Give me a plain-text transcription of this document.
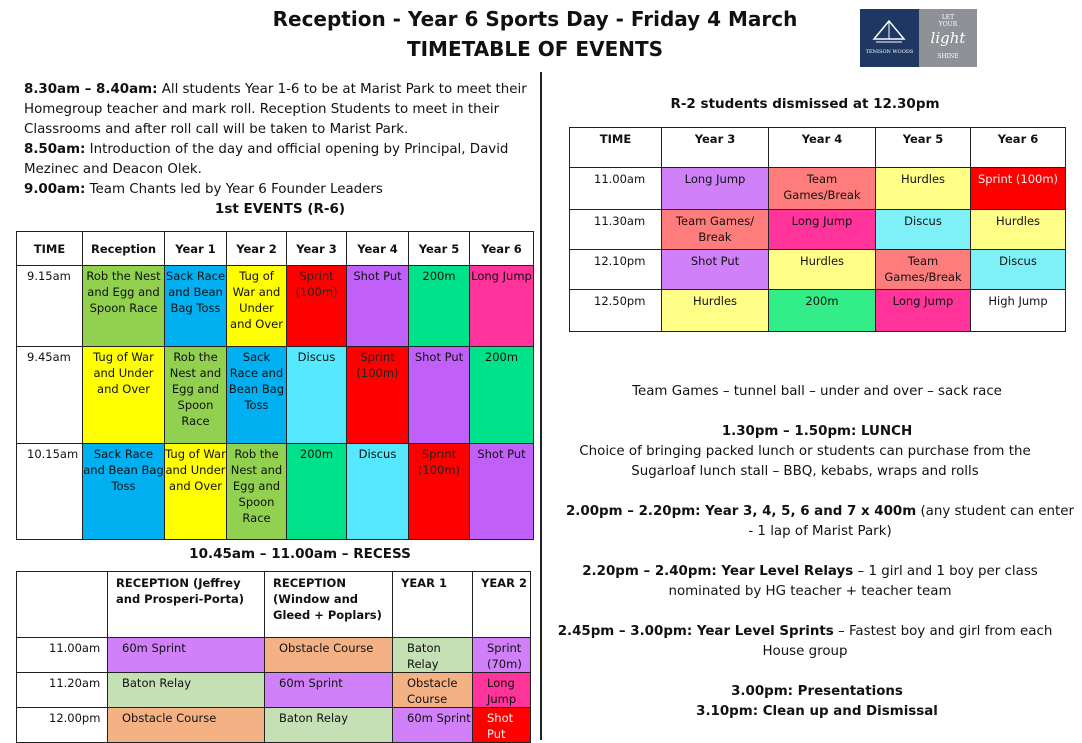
Reception - Year 6 Sports Day - Friday 4 March
TIMETABLE OF EVENTS	TENISON WOODS
LET
YOUR
light
SHINE
8.30am – 8.40am: All students Year 1-6 to be at Marist Park to meet their Homegroup teacher and mark roll. Reception Students to meet in their Classrooms and after roll call will be taken to Marist Park.
8.50am: Introduction of the day and official opening by Principal, David Mezinec and Deacon Olek.
9.00am: Team Chants led by Year 6 Founder Leaders
1st EVENTS (R-6)
TIME	Reception	Year 1	Year 2	Year 3	Year 4	Year 5	Year 6
9.15am	Rob the Nest and Egg and Spoon Race	Sack Race and Bean Bag Toss	Tug of War and Under and Over	Sprint (100m)	Shot Put	200m	Long Jump
9.45am	Tug of War and Under and Over	Rob the Nest and Egg and Spoon Race	Sack Race and Bean Bag Toss	Discus	Sprint (100m)	Shot Put	200m
10.15am	Sack Race and Bean Bag Toss	Tug of War and Under and Over	Rob the Nest and Egg and Spoon Race	200m	Discus	Sprint (100m)	Shot Put
10.45am – 11.00am – RECESS
	RECEPTION (Jeffrey and Prosperi-Porta)	RECEPTION (Window and Gleed + Poplars)	YEAR 1	YEAR 2
11.00am	60m Sprint	Obstacle Course	Baton Relay	Sprint (70m)
11.20am	Baton Relay	60m Sprint	Obstacle Course	Long Jump
12.00pm	Obstacle Course	Baton Relay	60m Sprint	Shot Put
R-2 students dismissed at 12.30pm
TIME	Year 3	Year 4	Year 5	Year 6
11.00am	Long Jump	Team Games/Break	Hurdles	Sprint (100m)
11.30am	Team Games/ Break	Long Jump	Discus	Hurdles
12.10pm	Shot Put	Hurdles	Team Games/Break	Discus
12.50pm	Hurdles	200m	Long Jump	High Jump
Team Games – tunnel ball – under and over – sack race
1.30pm – 1.50pm: LUNCH
Choice of bringing packed lunch or students can purchase from the Sugarloaf lunch stall – BBQ, kebabs, wraps and rolls
2.00pm – 2.20pm: Year 3, 4, 5, 6 and 7 x 400m (any student can enter - 1 lap of Marist Park)
2.20pm – 2.40pm: Year Level Relays – 1 girl and 1 boy per class nominated by HG teacher + teacher team
2.45pm – 3.00pm: Year Level Sprints – Fastest boy and girl from each House group
3.00pm: Presentations
3.10pm: Clean up and Dismissal
